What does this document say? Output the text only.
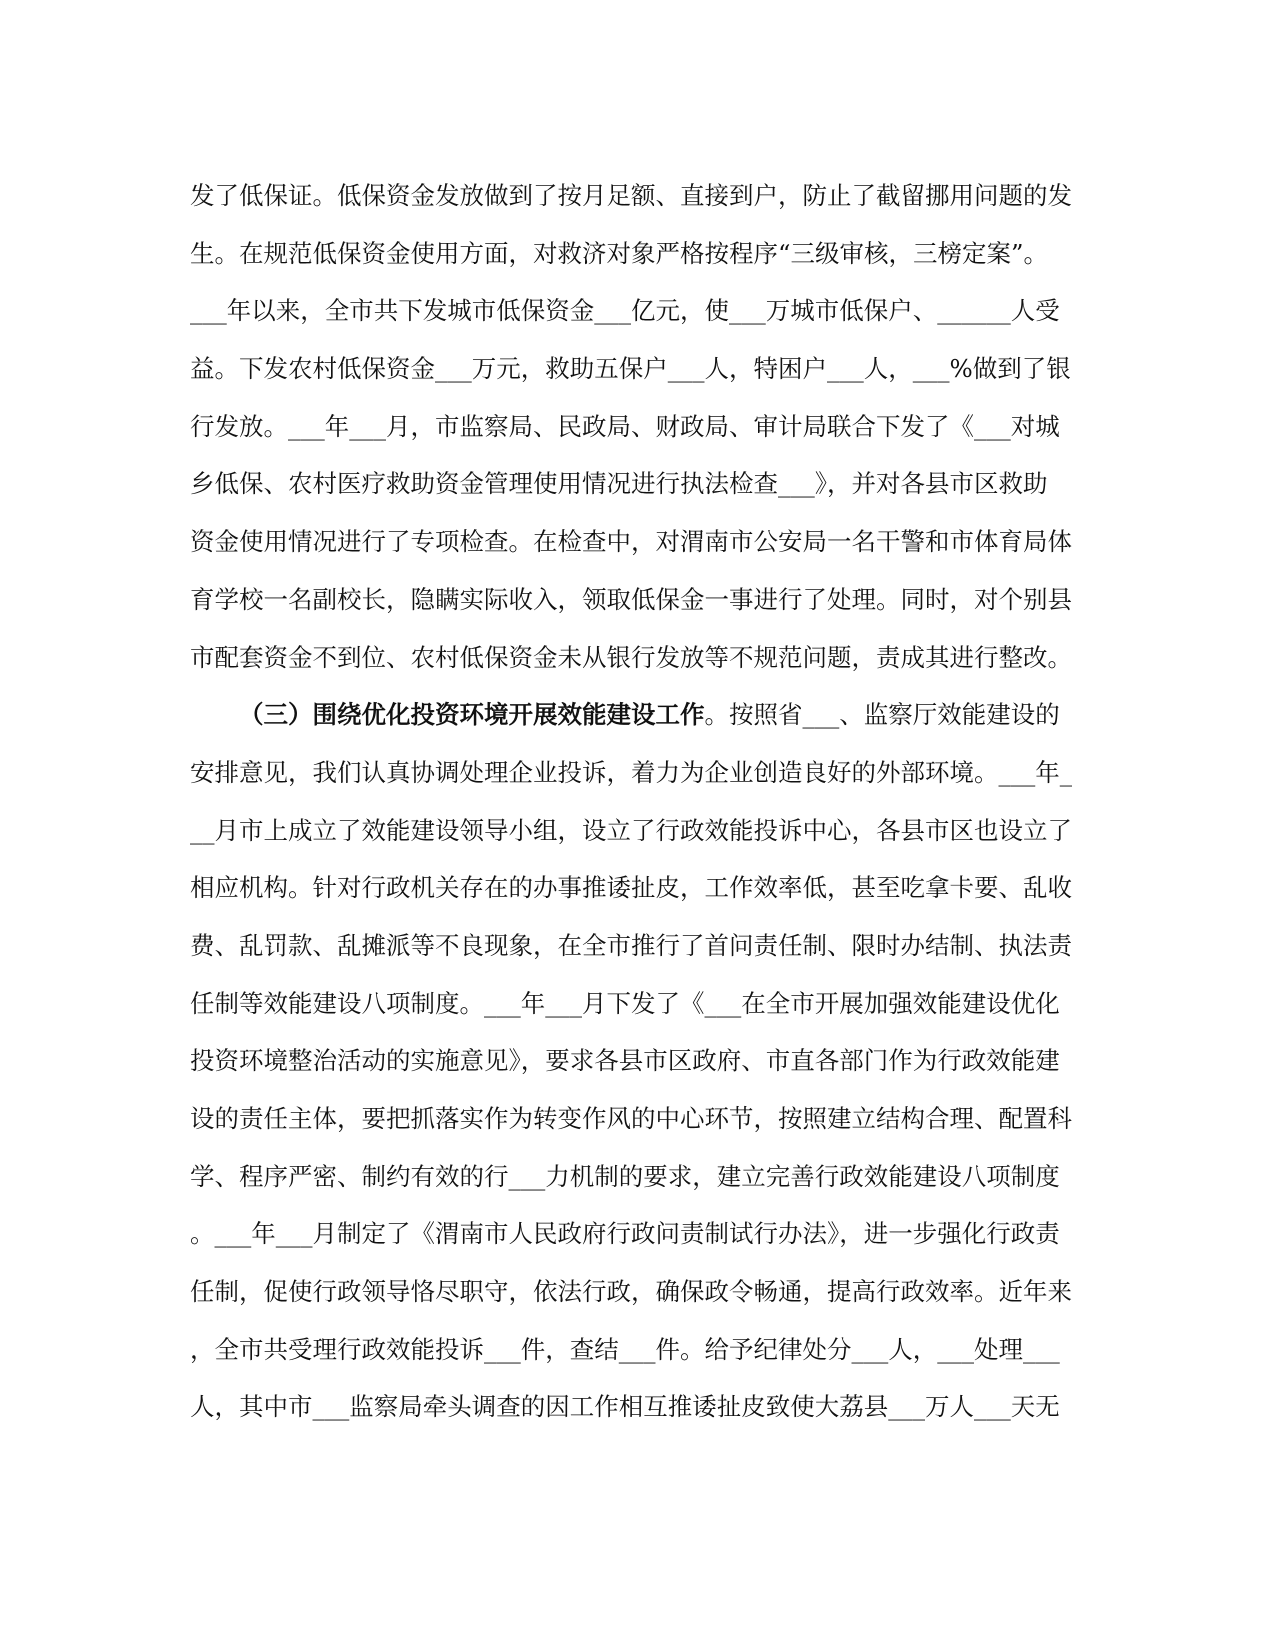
发了低保证。低保资金发放做到了按月足额、直接到户，防止了截留挪用问题的发
生。在规范低保资金使用方面，对救济对象严格按程序“三级审核，三榜定案”。
___年以来，全市共下发城市低保资金___亿元，使___万城市低保户、______人受
益。下发农村低保资金___万元，救助五保户___人，特困户___人，___%做到了银
行发放。___年___月，市监察局、民政局、财政局、审计局联合下发了《___对城
乡低保、农村医疗救助资金管理使用情况进行执法检查___》，并对各县市区救助
资金使用情况进行了专项检查。在检查中，对渭南市公安局一名干警和市体育局体
育学校一名副校长，隐瞒实际收入，领取低保金一事进行了处理。同时，对个别县
市配套资金不到位、农村低保资金未从银行发放等不规范问题，责成其进行整改。
（三）围绕优化投资环境开展效能建设工作。按照省___、监察厅效能建设的
安排意见，我们认真协调处理企业投诉，着力为企业创造良好的外部环境。___年_
__月市上成立了效能建设领导小组，设立了行政效能投诉中心，各县市区也设立了
相应机构。针对行政机关存在的办事推诿扯皮，工作效率低，甚至吃拿卡要、乱收
费、乱罚款、乱摊派等不良现象，在全市推行了首问责任制、限时办结制、执法责
任制等效能建设八项制度。___年___月下发了《___在全市开展加强效能建设优化
投资环境整治活动的实施意见》，要求各县市区政府、市直各部门作为行政效能建
设的责任主体，要把抓落实作为转变作风的中心环节，按照建立结构合理、配置科
学、程序严密、制约有效的行___力机制的要求，建立完善行政效能建设八项制度
。___年___月制定了《渭南市人民政府行政问责制试行办法》，进一步强化行政责
任制，促使行政领导恪尽职守，依法行政，确保政令畅通，提高行政效率。近年来
，全市共受理行政效能投诉___件，查结___件。给予纪律处分___人，___处理___
人，其中市___监察局牵头调查的因工作相互推诿扯皮致使大荔县___万人___天无
